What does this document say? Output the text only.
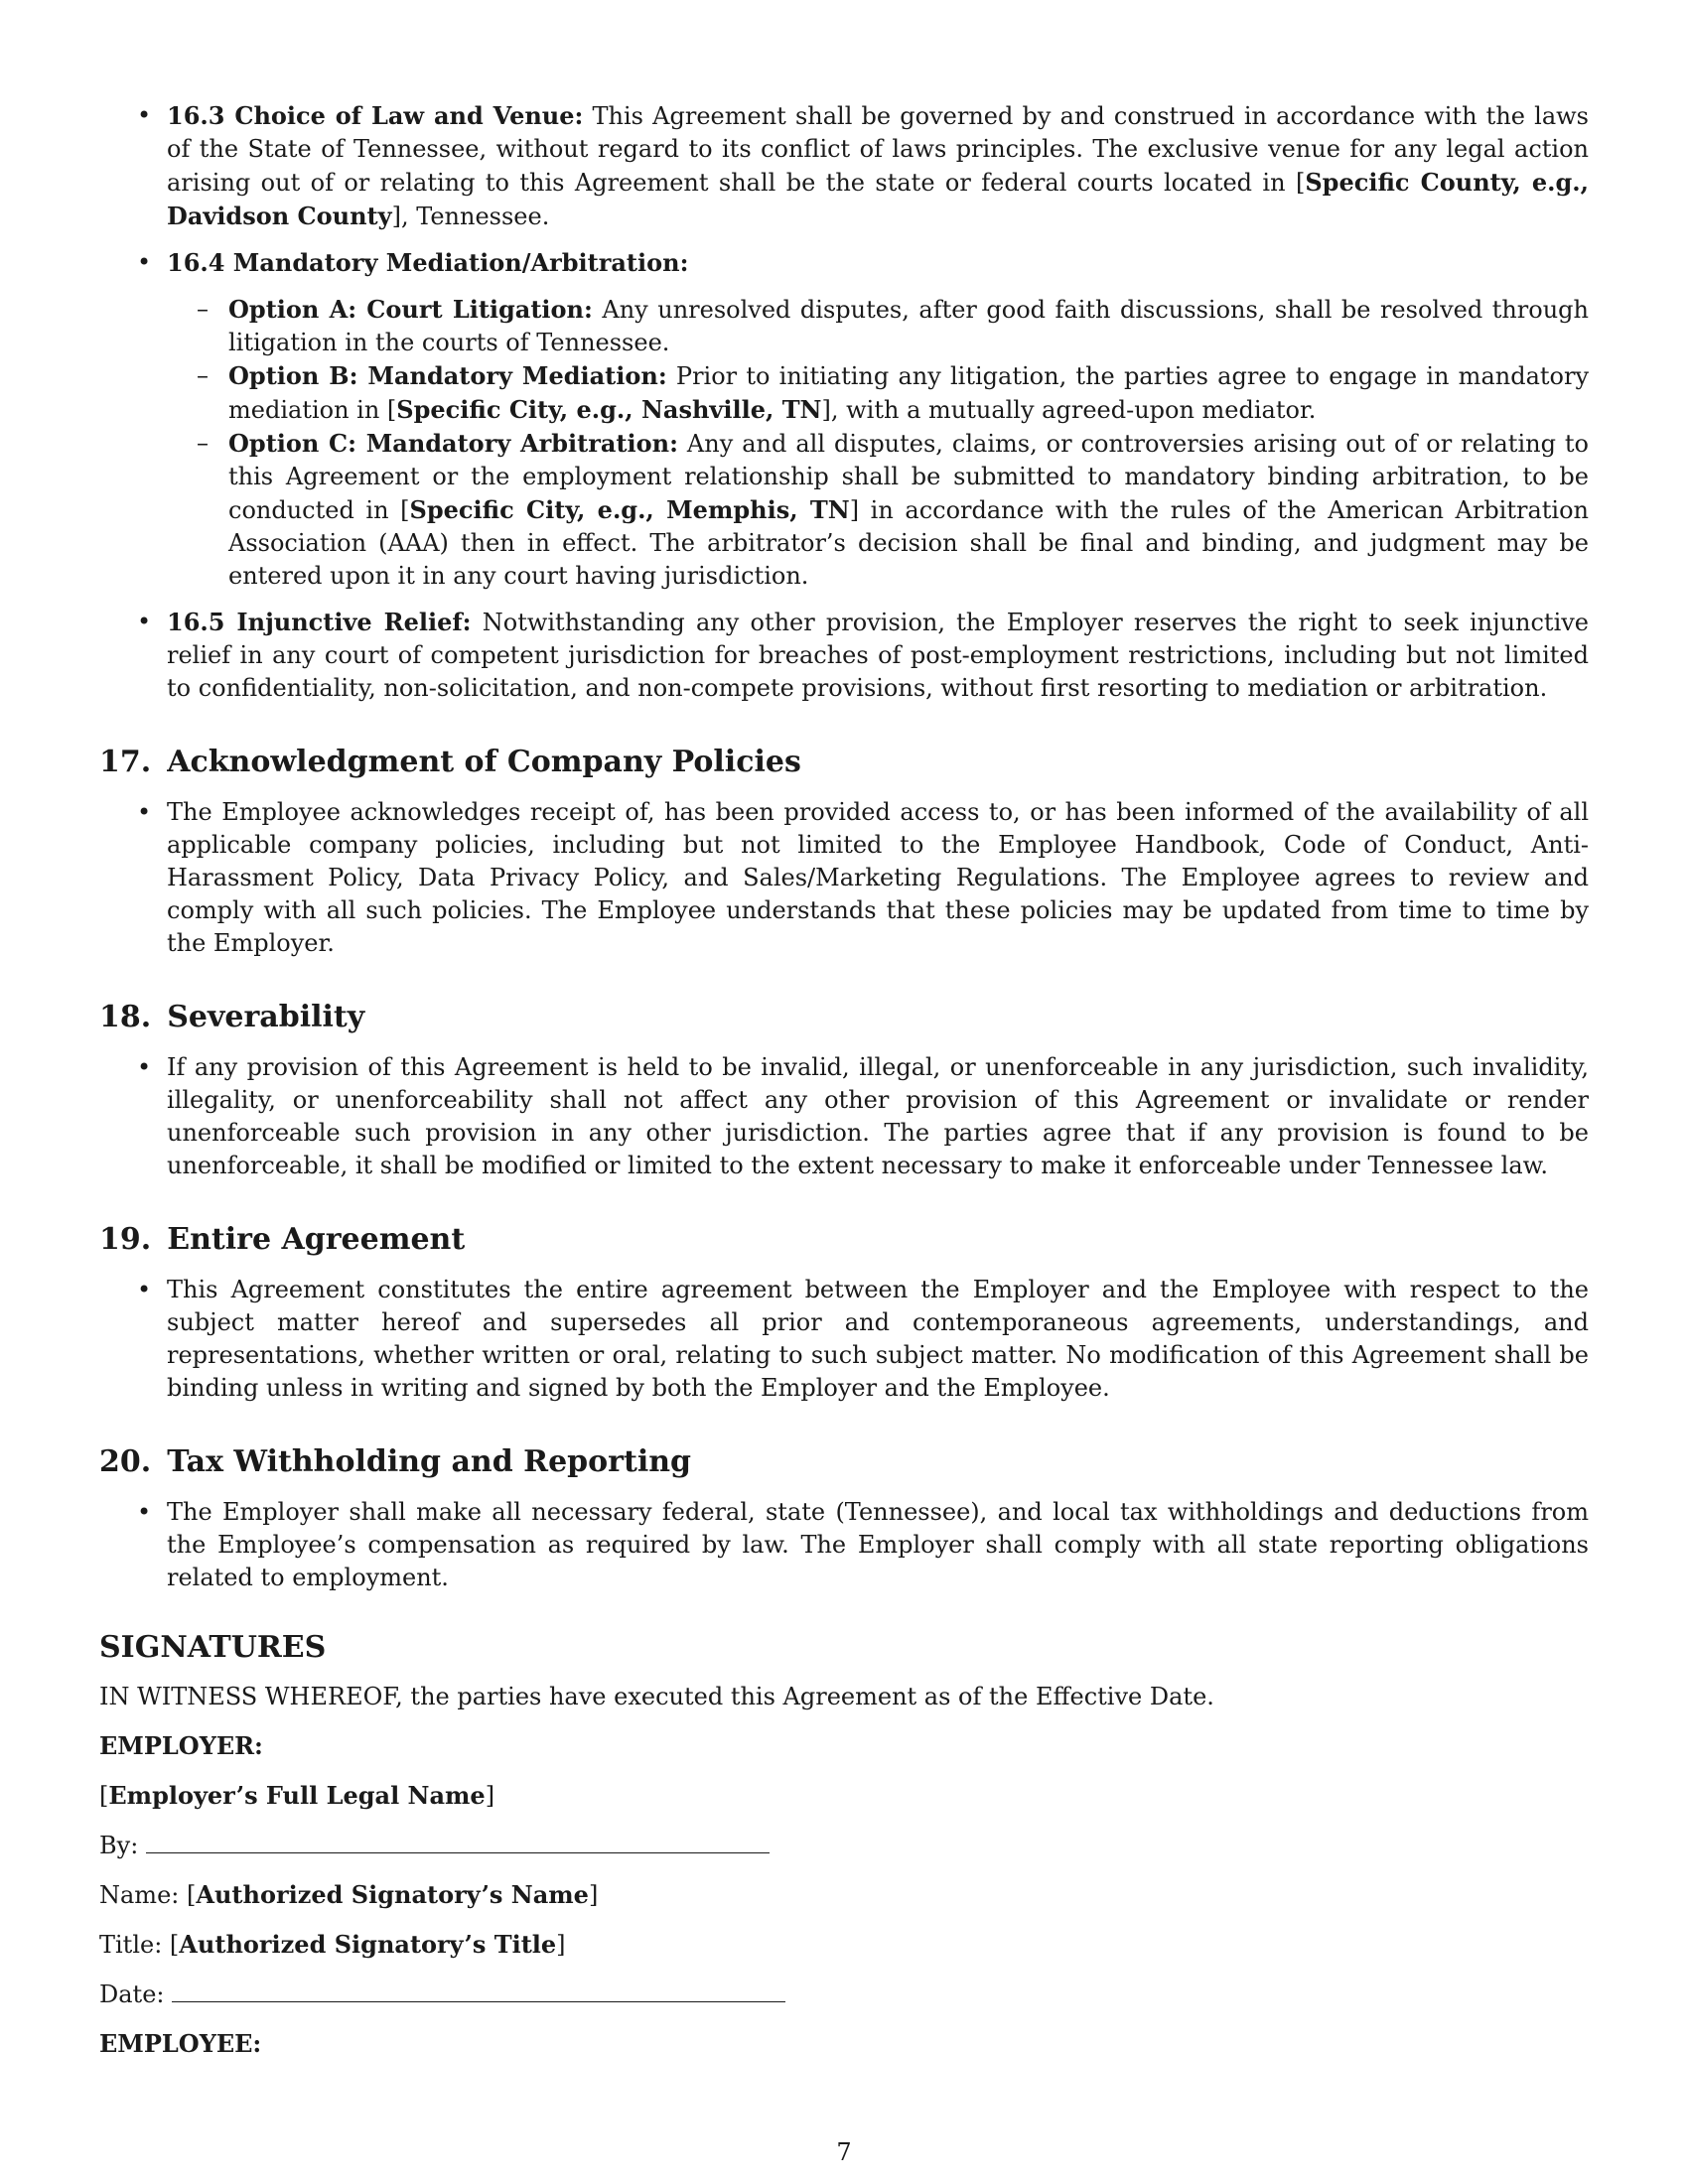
• 16.3 Choice of Law and Venue: This Agreement shall be governed by and construed in accordance with the laws of the State of Tennessee, without regard to its conflict of laws principles. The exclusive venue for any legal action arising out of or relating to this Agreement shall be the state or federal courts located in [Specific County, e.g., Davidson County], Tennessee.

• 16.4 Mandatory Mediation/Arbitration:

– Option A: Court Litigation: Any unresolved disputes, after good faith discussions, shall be resolved through litigation in the courts of Tennessee.

– Option B: Mandatory Mediation: Prior to initiating any litigation, the parties agree to engage in mandatory mediation in [Specific City, e.g., Nashville, TN], with a mutually agreed-upon mediator.

– Option C: Mandatory Arbitration: Any and all disputes, claims, or controversies arising out of or relating to this Agreement or the employment relationship shall be submitted to mandatory binding arbitration, to be conducted in [Specific City, e.g., Memphis, TN] in accordance with the rules of the American Arbitration Association (AAA) then in effect. The arbitrator’s decision shall be final and binding, and judgment may be entered upon it in any court having jurisdiction.

• 16.5 Injunctive Relief: Notwithstanding any other provision, the Employer reserves the right to seek injunctive relief in any court of competent jurisdiction for breaches of post-employment restrictions, including but not limited to confidentiality, non-solicitation, and non-compete provisions, without first resorting to mediation or arbitration.

17. Acknowledgment of Company Policies

• The Employee acknowledges receipt of, has been provided access to, or has been informed of the availability of all applicable company policies, including but not limited to the Employee Handbook, Code of Conduct, Anti-Harassment Policy, Data Privacy Policy, and Sales/Marketing Regulations. The Employee agrees to review and comply with all such policies. The Employee understands that these policies may be updated from time to time by the Employer.

18. Severability

• If any provision of this Agreement is held to be invalid, illegal, or unenforceable in any jurisdiction, such invalidity, illegality, or unenforceability shall not affect any other provision of this Agreement or invalidate or render unenforceable such provision in any other jurisdiction. The parties agree that if any provision is found to be unenforceable, it shall be modified or limited to the extent necessary to make it enforceable under Tennessee law.

19. Entire Agreement

• This Agreement constitutes the entire agreement between the Employer and the Employee with respect to the subject matter hereof and supersedes all prior and contemporaneous agreements, understandings, and representations, whether written or oral, relating to such subject matter. No modification of this Agreement shall be binding unless in writing and signed by both the Employer and the Employee.

20. Tax Withholding and Reporting

• The Employer shall make all necessary federal, state (Tennessee), and local tax withholdings and deductions from the Employee’s compensation as required by law. The Employer shall comply with all state reporting obligations related to employment.

SIGNATURES
IN WITNESS WHEREOF, the parties have executed this Agreement as of the Effective Date.
EMPLOYER:
[Employer’s Full Legal Name]
By:
Name: [Authorized Signatory’s Name]
Title: [Authorized Signatory’s Title]
Date:
EMPLOYEE:
7
